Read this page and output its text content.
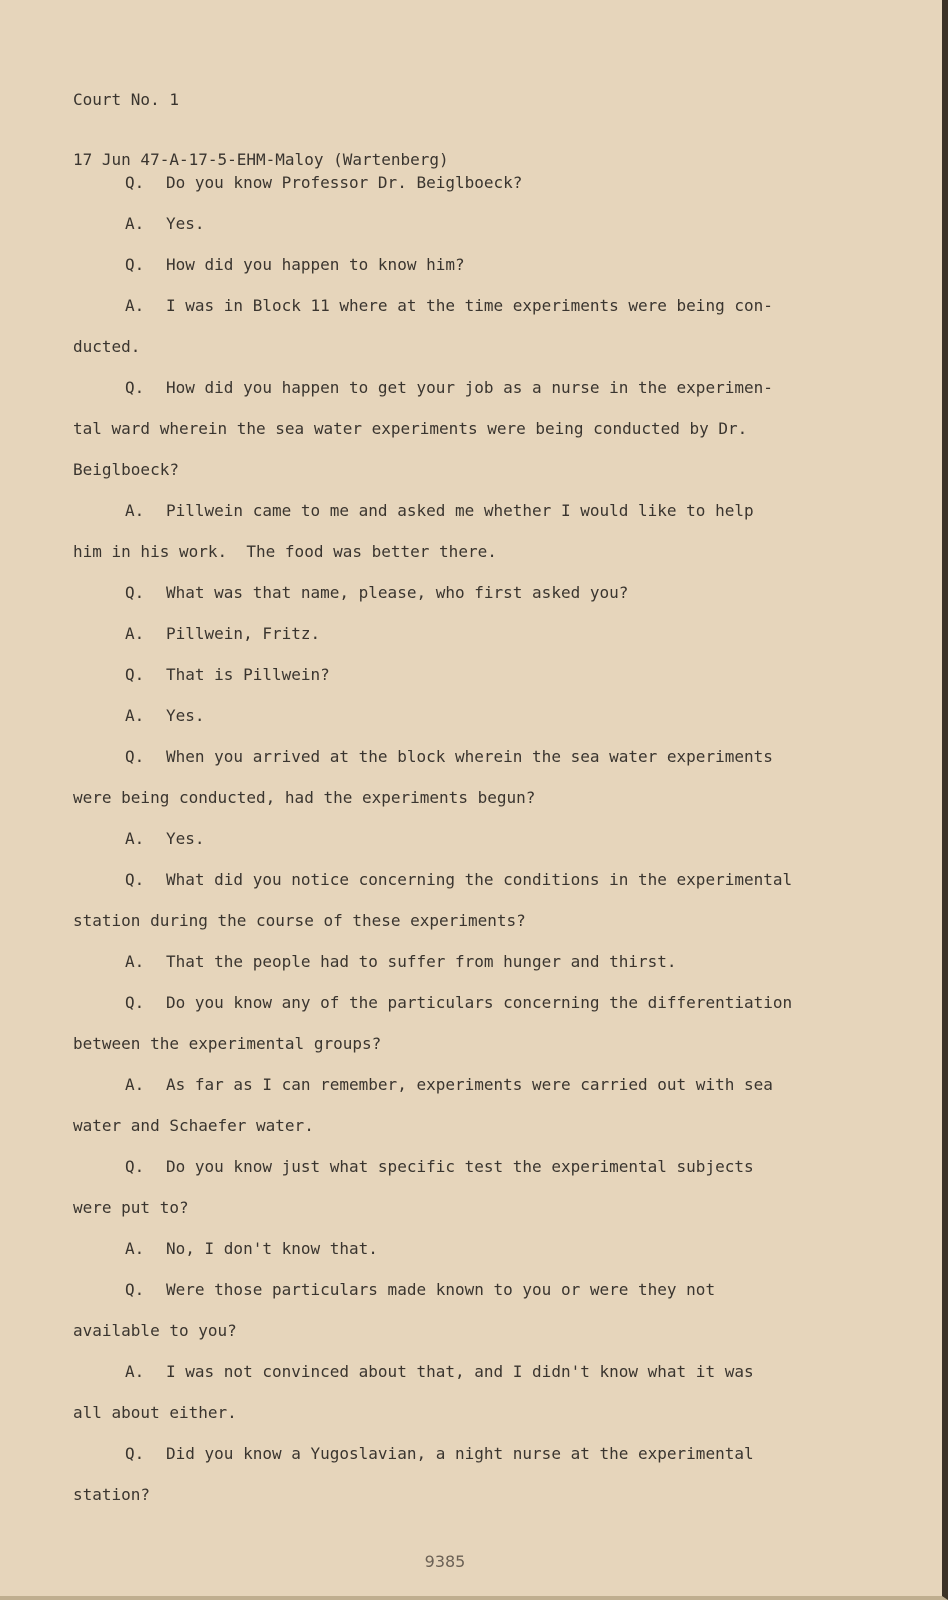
Court No. 1

17 Jun 47-A-17-5-EHM-Maloy (Wartenberg)

Q. Do you know Professor Dr. Beiglboeck?
A. Yes.
Q. How did you happen to know him?
A. I was in Block 11 where at the time experiments were being con-
ducted.
Q. How did you happen to get your job as a nurse in the experimen-
tal ward wherein the sea water experiments were being conducted by Dr.
Beiglboeck?
A. Pillwein came to me and asked me whether I would like to help
him in his work.  The food was better there.
Q. What was that name, please, who first asked you?
A. Pillwein, Fritz.
Q. That is Pillwein?
A. Yes.
Q. When you arrived at the block wherein the sea water experiments
were being conducted, had the experiments begun?
A. Yes.
Q. What did you notice concerning the conditions in the experimental
station during the course of these experiments?
A. That the people had to suffer from hunger and thirst.
Q. Do you know any of the particulars concerning the differentiation
between the experimental groups?
A. As far as I can remember, experiments were carried out with sea
water and Schaefer water.
Q. Do you know just what specific test the experimental subjects
were put to?
A. No, I don't know that.
Q. Were those particulars made known to you or were they not
available to you?
A. I was not convinced about that, and I didn't know what it was
all about either.
Q. Did you know a Yugoslavian, a night nurse at the experimental
station?
9385
